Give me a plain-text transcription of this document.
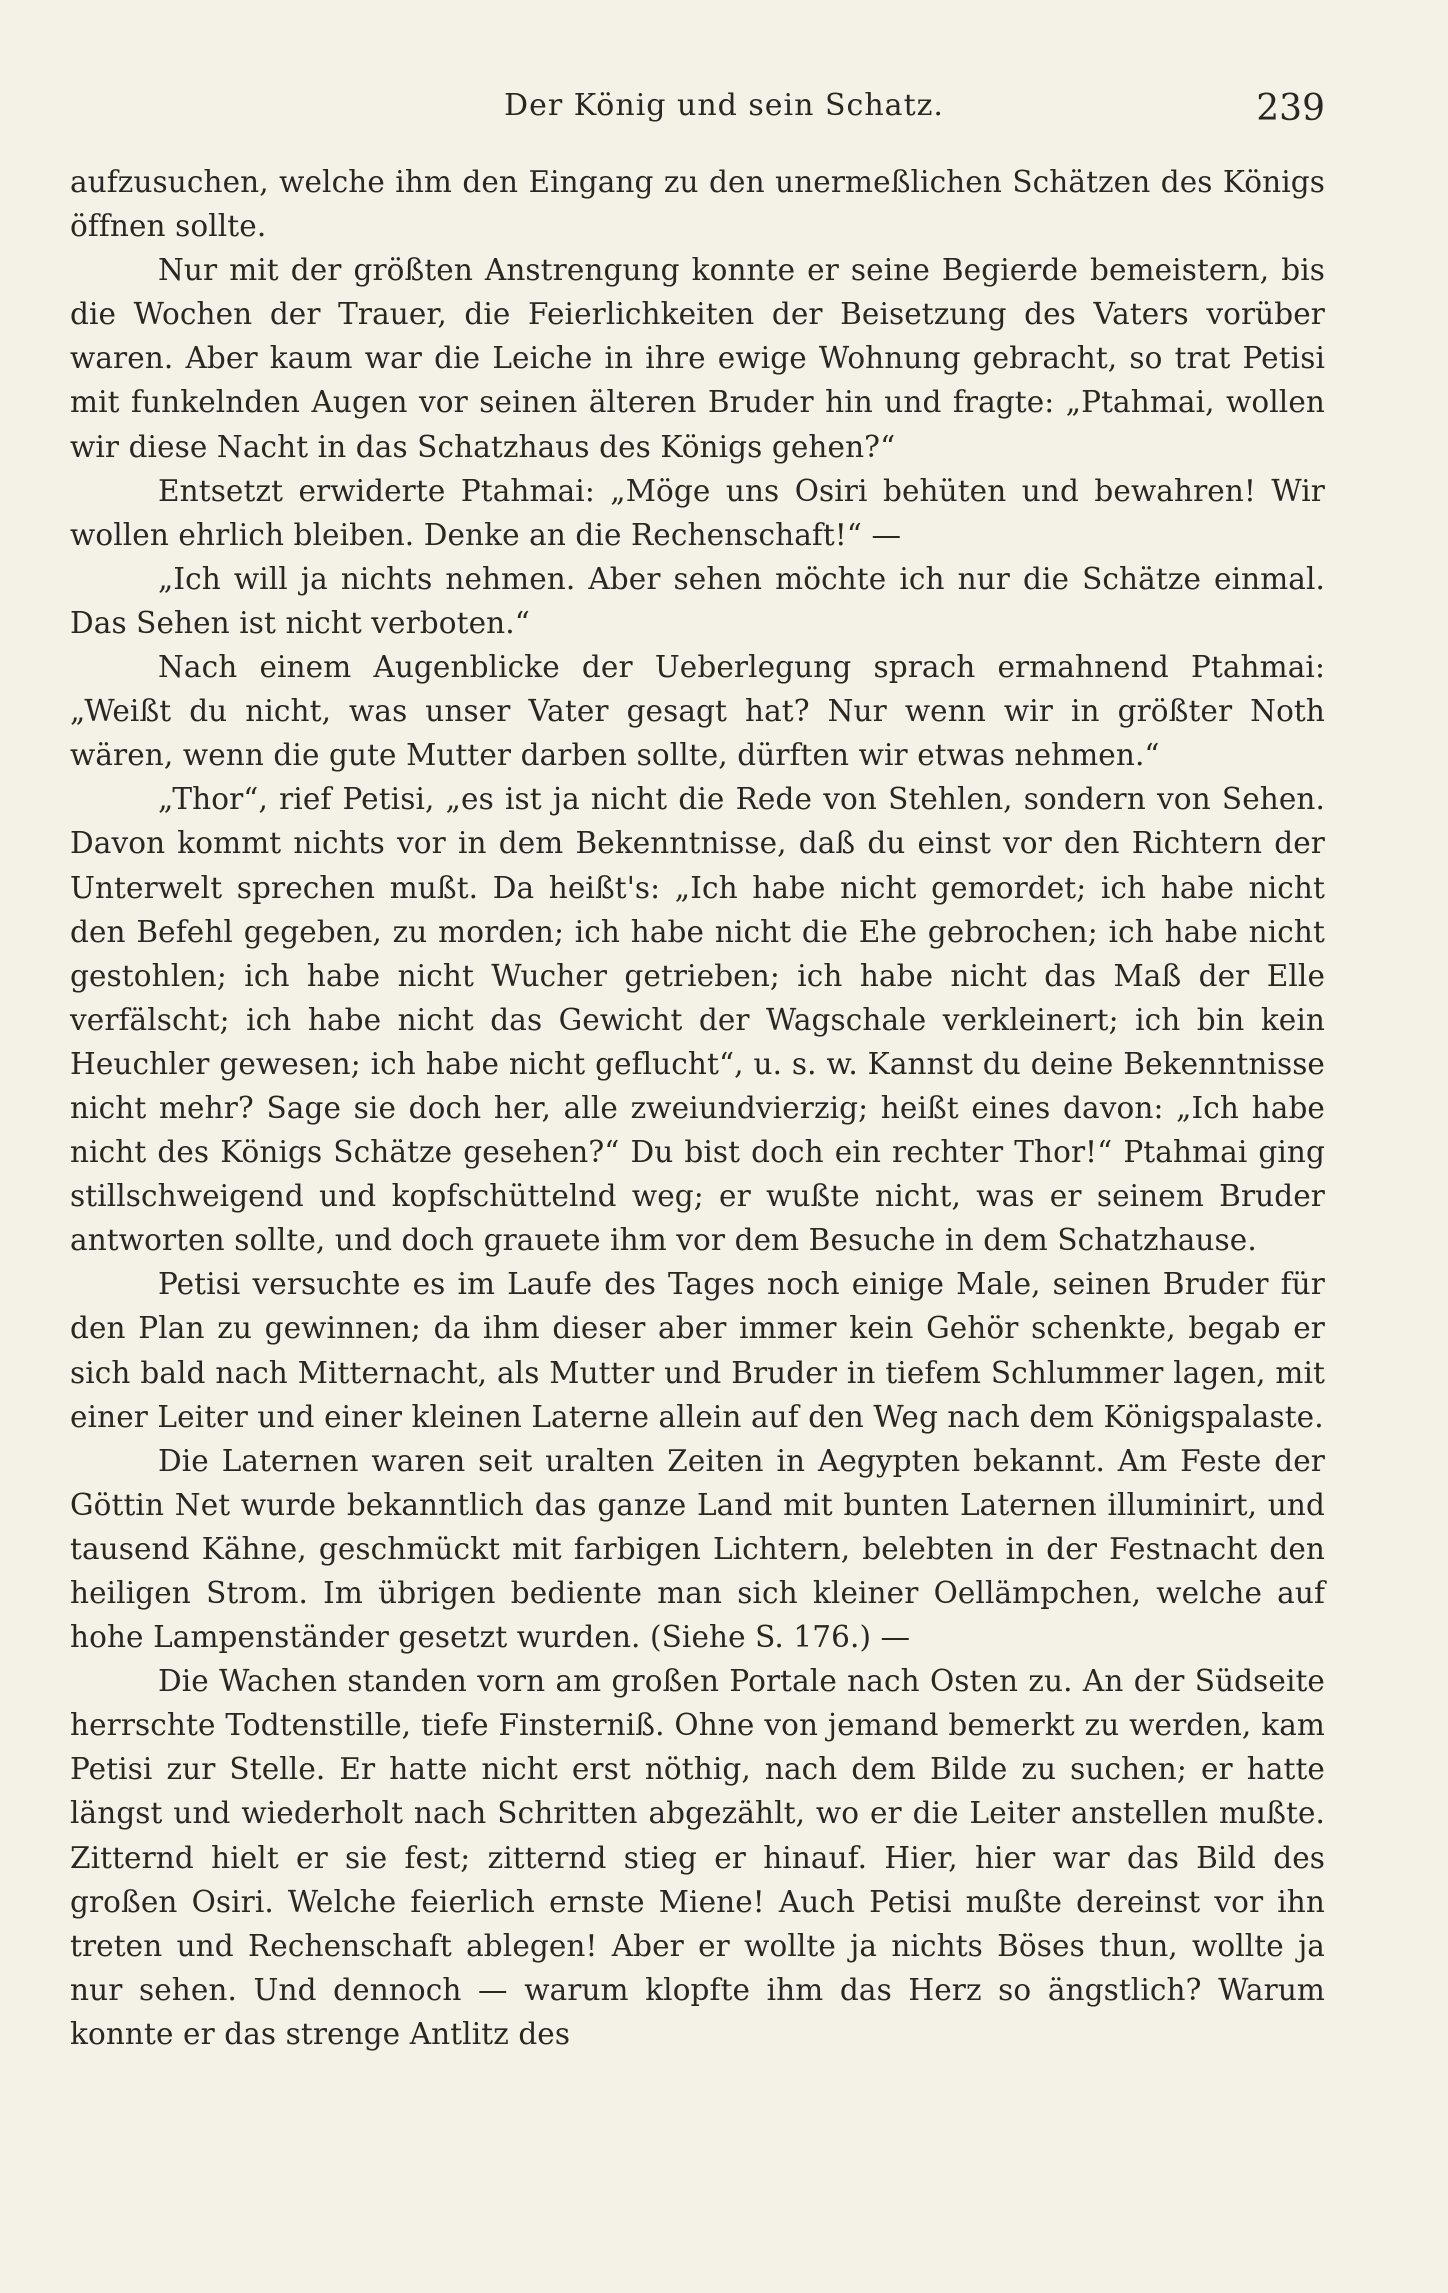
Der König und sein Schatz.	239

aufzusuchen, welche ihm den Eingang zu den unermeßlichen Schätzen des Königs öffnen sollte.

Nur mit der größten Anstrengung konnte er seine Begierde bemeistern, bis die Wochen der Trauer, die Feierlichkeiten der Beisetzung des Vaters vorüber waren. Aber kaum war die Leiche in ihre ewige Wohnung gebracht, so trat Petisi mit funkelnden Augen vor seinen älteren Bruder hin und fragte: „Ptahmai, wollen wir diese Nacht in das Schatzhaus des Königs gehen?“

Entsetzt erwiderte Ptahmai: „Möge uns Osiri behüten und bewahren! Wir wollen ehrlich bleiben. Denke an die Rechenschaft!“ —

„Ich will ja nichts nehmen. Aber sehen möchte ich nur die Schätze einmal. Das Sehen ist nicht verboten.“

Nach einem Augenblicke der Ueberlegung sprach ermahnend Ptahmai: „Weißt du nicht, was unser Vater gesagt hat? Nur wenn wir in größter Noth wären, wenn die gute Mutter darben sollte, dürften wir etwas nehmen.“

„Thor“, rief Petisi, „es ist ja nicht die Rede von Stehlen, sondern von Sehen. Davon kommt nichts vor in dem Bekenntnisse, daß du einst vor den Richtern der Unterwelt sprechen mußt. Da heißt's: „Ich habe nicht gemordet; ich habe nicht den Befehl gegeben, zu morden; ich habe nicht die Ehe gebrochen; ich habe nicht gestohlen; ich habe nicht Wucher getrieben; ich habe nicht das Maß der Elle verfälscht; ich habe nicht das Gewicht der Wagschale verkleinert; ich bin kein Heuchler gewesen; ich habe nicht geflucht“, u. s. w. Kannst du deine Bekenntnisse nicht mehr? Sage sie doch her, alle zweiundvierzig; heißt eines davon: „Ich habe nicht des Königs Schätze gesehen?“ Du bist doch ein rechter Thor!“ Ptahmai ging stillschweigend und kopfschüttelnd weg; er wußte nicht, was er seinem Bruder antworten sollte, und doch grauete ihm vor dem Besuche in dem Schatzhause.

Petisi versuchte es im Laufe des Tages noch einige Male, seinen Bruder für den Plan zu gewinnen; da ihm dieser aber immer kein Gehör schenkte, begab er sich bald nach Mitternacht, als Mutter und Bruder in tiefem Schlummer lagen, mit einer Leiter und einer kleinen Laterne allein auf den Weg nach dem Königspalaste.

Die Laternen waren seit uralten Zeiten in Aegypten bekannt. Am Feste der Göttin Net wurde bekanntlich das ganze Land mit bunten Laternen illuminirt, und tausend Kähne, geschmückt mit farbigen Lichtern, belebten in der Festnacht den heiligen Strom. Im übrigen bediente man sich kleiner Oellämpchen, welche auf hohe Lampenständer gesetzt wurden. (Siehe S. 176.) —

Die Wachen standen vorn am großen Portale nach Osten zu. An der Südseite herrschte Todtenstille, tiefe Finsterniß. Ohne von jemand bemerkt zu werden, kam Petisi zur Stelle. Er hatte nicht erst nöthig, nach dem Bilde zu suchen; er hatte längst und wiederholt nach Schritten abgezählt, wo er die Leiter anstellen mußte. Zitternd hielt er sie fest; zitternd stieg er hinauf. Hier, hier war das Bild des großen Osiri. Welche feierlich ernste Miene! Auch Petisi mußte dereinst vor ihn treten und Rechenschaft ablegen! Aber er wollte ja nichts Böses thun, wollte ja nur sehen. Und dennoch — warum klopfte ihm das Herz so ängstlich? Warum konnte er das strenge Antlitz des
